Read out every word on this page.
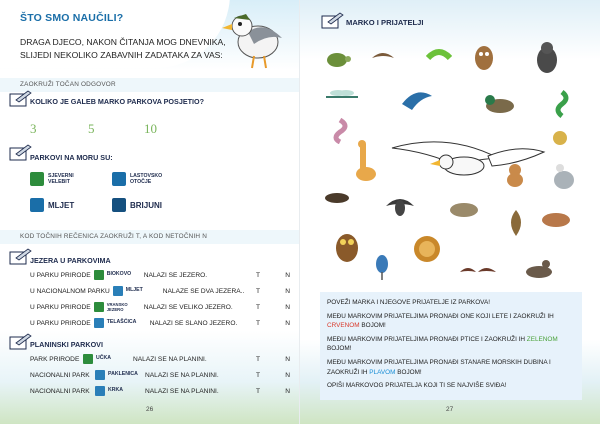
ŠTO SMO NAUČILI?
DRAGA DJECO, NAKON ČITANJA MOG DNEVNIKA, SLIJEDI NEKOLIKO ZABAVNIH ZADATAKA ZA VAS:
ZAOKRUŽI TOČAN ODGOVOR
KOLIKO JE GALEB MARKO PARKOVA POSJETIO?
3	5	10
PARKOVI NA MORU SU:
SJEVERNI VELEBIT
LASTOVSKO OTOČJE
MLJET	BRIJUNI
KOD TOČNIH REČENICA ZAOKRUŽI T, A KOD NETOČNIH N
JEZERA U PARKOVIMA
U PARKU PRIRODE	BIOKOVO	NALAZI SE JEZERO.	T	N
U NACIONALNOM PARKU	MLJET	NALAZE SE DVA JEZERA.. T	N
U PARKU PRIRODE	VRANSKO JEZERO	NALAZI SE VELIKO JEZERO.	T	N
U PARKU PRIRODE	TELAŠĆICA	NALAZI SE SLANO JEZERO.	T	N
PLANINSKI PARKOVI
PARK PRIRODE	UČKA	NALAZI SE NA PLANINI.	T	N
NACIONALNI PARK	PAKLENICA	NALAZI SE NA PLANINI.	T	N
NACIONALNI PARK	KRKA	NALAZI SE NA PLANINI.	T	N
26
MARKO I PRIJATELJI

POVEŽI MARKA I NJEGOVE PRIJATELJE IZ PARKOVA!

MEĐU MARKOVIM PRIJATELJIMA PRONAĐI ONE KOJI LETE I ZAOKRUŽI IH CRVENOM BOJOM!

MEĐU MARKOVIM PRIJATELJIMA PRONAĐI PTICE I ZAOKRUŽI IH ZELENOM BOJOM!

MEĐU MARKOVIM PRIJATELJIMA PRONAĐI STANARE MORSKIH DUBINA I ZAOKRUŽI IH PLAVOM BOJOM!

OPIŠI MARKOVOG PRIJATELJA KOJI TI SE NAJVIŠE SVIĐA!

27
